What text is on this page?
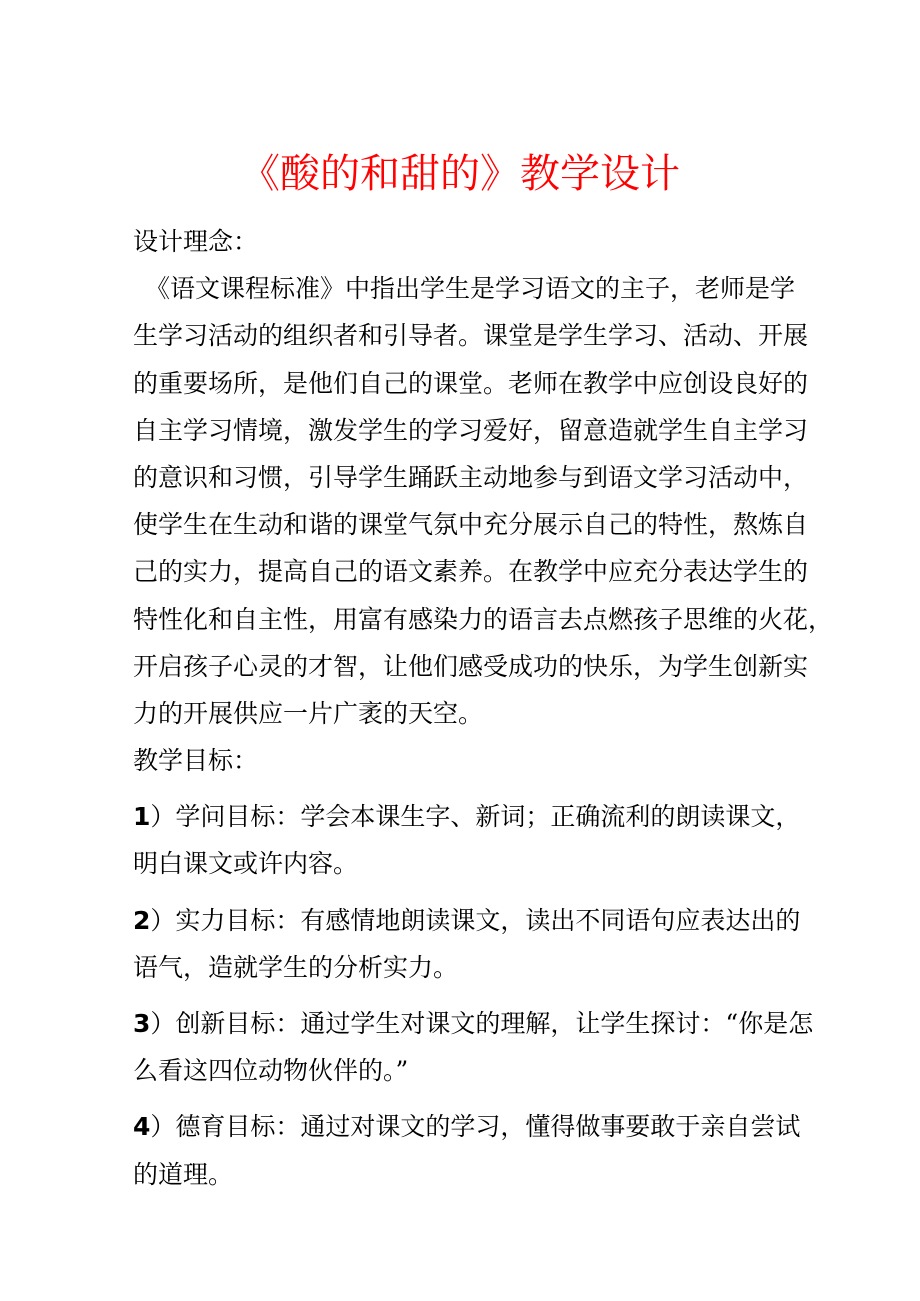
《酸的和甜的》教学设计
设计理念：
《语文课程标准》中指出学生是学习语文的主子，老师是学
生学习活动的组织者和引导者。课堂是学生学习、活动、开展
的重要场所，是他们自己的课堂。老师在教学中应创设良好的
自主学习情境，激发学生的学习爱好，留意造就学生自主学习
的意识和习惯，引导学生踊跃主动地参与到语文学习活动中，
使学生在生动和谐的课堂气氛中充分展示自己的特性，熬炼自
己的实力，提高自己的语文素养。在教学中应充分表达学生的
特性化和自主性，用富有感染力的语言去点燃孩子思维的火花，
开启孩子心灵的才智，让他们感受成功的快乐，为学生创新实
力的开展供应一片广袤的天空。
教学目标：
1）学问目标：学会本课生字、新词；正确流利的朗读课文，
明白课文或许内容。
2）实力目标：有感情地朗读课文，读出不同语句应表达出的
语气，造就学生的分析实力。
3）创新目标：通过学生对课文的理解，让学生探讨：“你是怎
么看这四位动物伙伴的。”
4）德育目标：通过对课文的学习，懂得做事要敢于亲自尝试
的道理。
